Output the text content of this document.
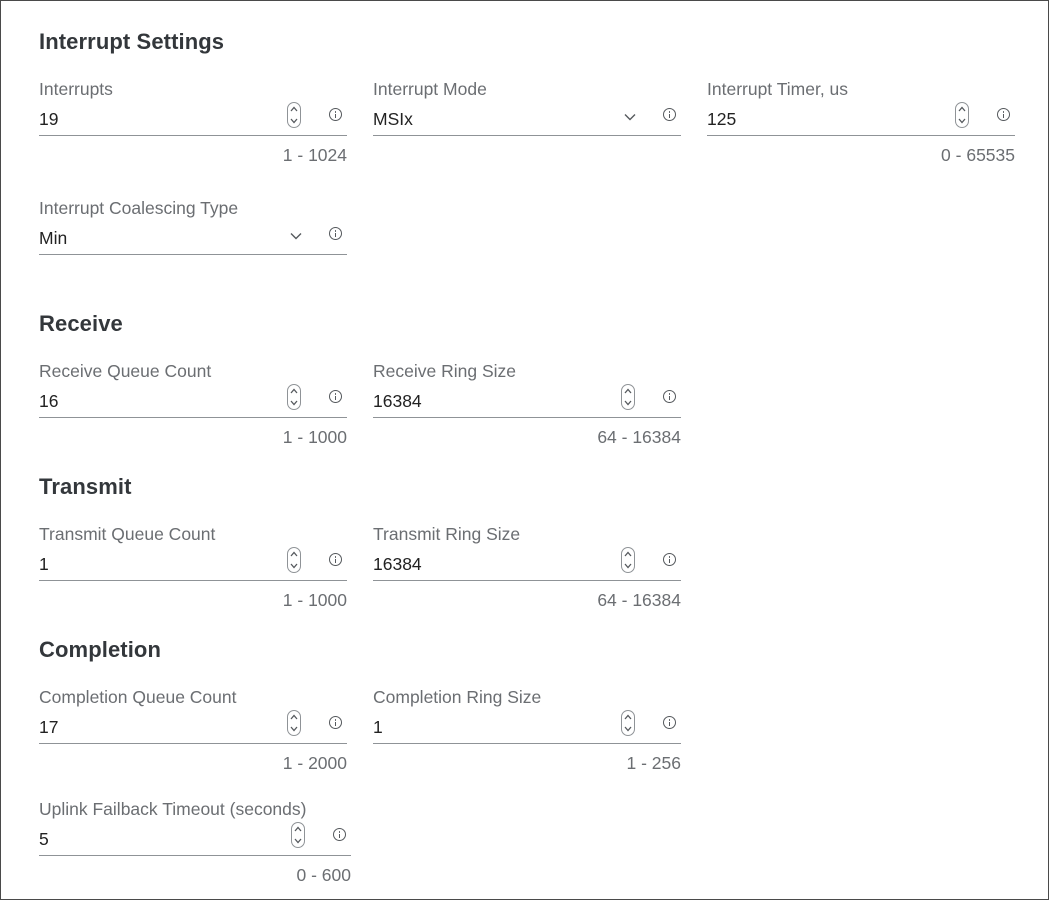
Interrupt Settings
Interrupts
19
1 - 1024
Interrupt Mode
MSIx
Interrupt Timer, us
125
0 - 65535
Interrupt Coalescing Type
Min
Receive
Receive Queue Count
16
1 - 1000
Receive Ring Size
16384
64 - 16384
Transmit
Transmit Queue Count
1
1 - 1000
Transmit Ring Size
16384
64 - 16384
Completion
Completion Queue Count
17
1 - 2000
Completion Ring Size
1
1 - 256
Uplink Failback Timeout (seconds)
5
0 - 600
